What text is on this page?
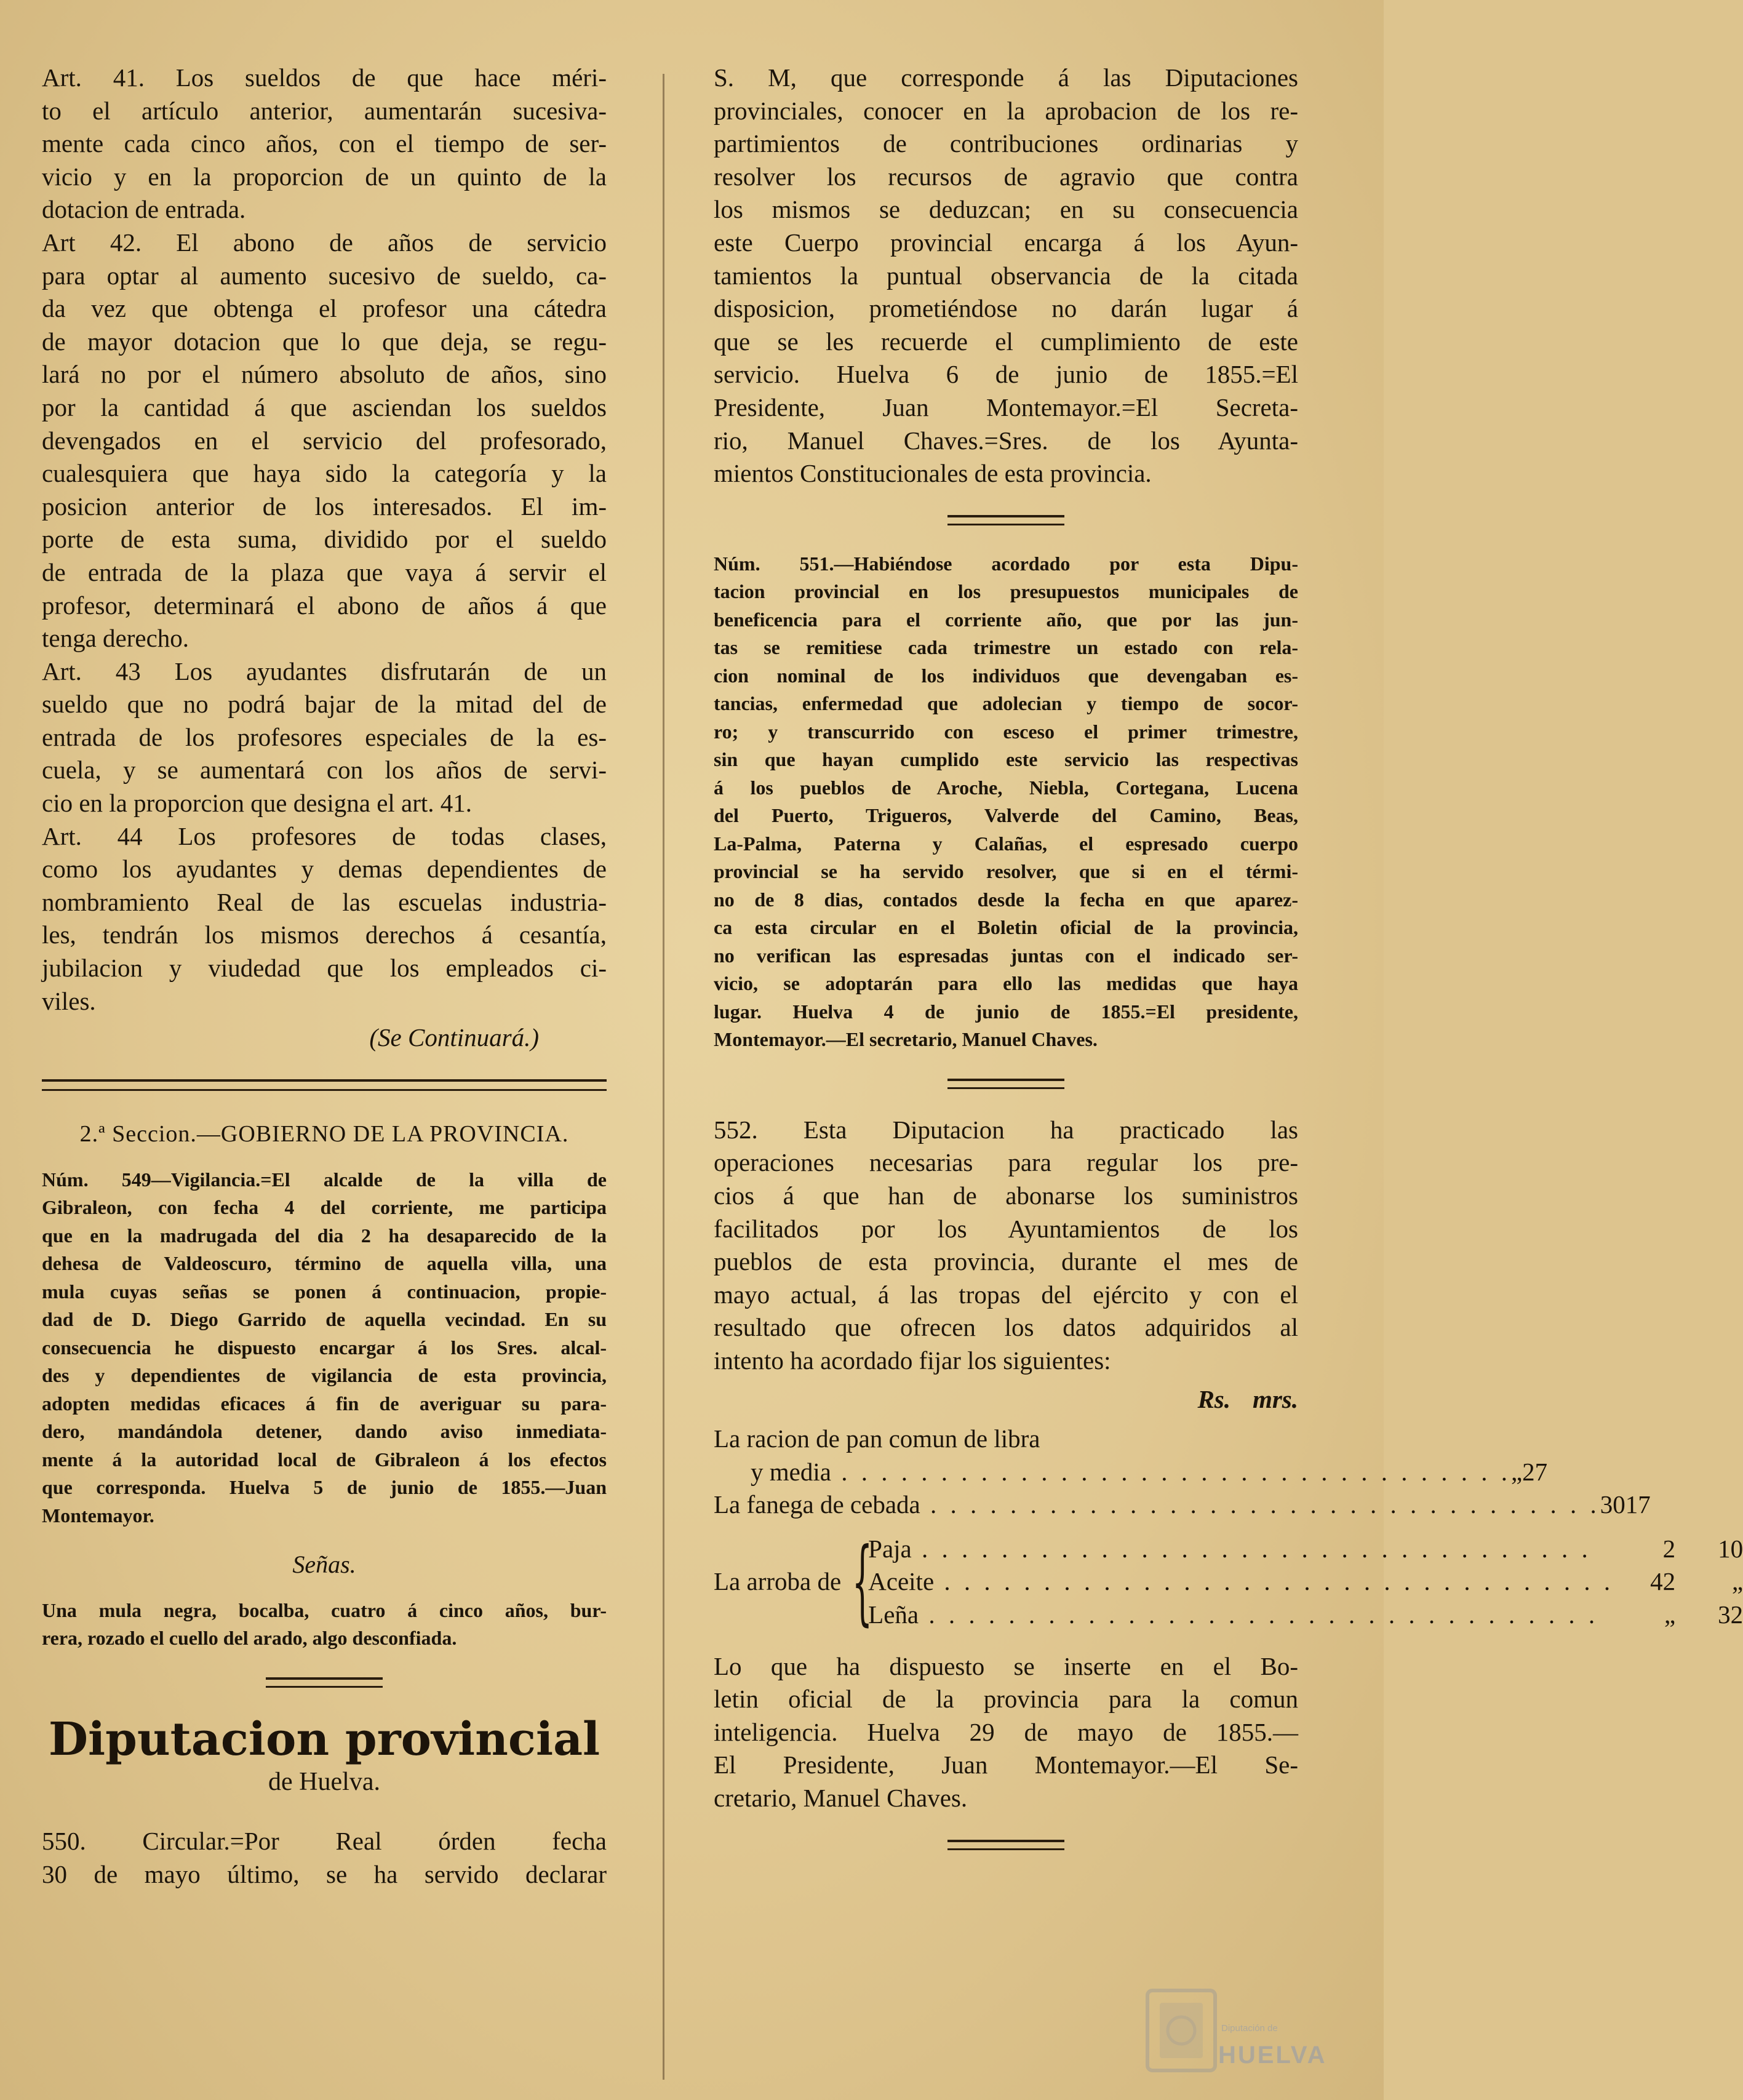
Art. 41. Los sueldos de que hace méri-
to el artículo anterior, aumentarán sucesiva-
mente cada cinco años, con el tiempo de ser-
vicio y en la proporcion de un quinto de la
dotacion de entrada.
Art 42. El abono de años de servicio
para optar al aumento sucesivo de sueldo, ca-
da vez que obtenga el profesor una cátedra
de mayor dotacion que lo que deja, se regu-
lará no por el número absoluto de años, sino
por la cantidad á que asciendan los sueldos
devengados en el servicio del profesorado,
cualesquiera que haya sido la categoría y la
posicion anterior de los interesados. El im-
porte de esta suma, dividido por el sueldo
de entrada de la plaza que vaya á servir el
profesor, determinará el abono de años á que
tenga derecho.
Art. 43 Los ayudantes disfrutarán de un
sueldo que no podrá bajar de la mitad del de
entrada de los profesores especiales de la es-
cuela, y se aumentará con los años de servi-
cio en la proporcion que designa el art. 41.
Art. 44 Los profesores de todas clases,
como los ayudantes y demas dependientes de
nombramiento Real de las escuelas industria-
les, tendrán los mismos derechos á cesantía,
jubilacion y viudedad que los empleados ci-
viles.
(Se Continuará.)
2.ª Seccion.—GOBIERNO DE LA PROVINCIA.
Núm. 549—Vigilancia.=El alcalde de la villa de
Gibraleon, con fecha 4 del corriente, me participa
que en la madrugada del dia 2 ha desaparecido de la
dehesa de Valdeoscuro, término de aquella villa, una
mula cuyas señas se ponen á continuacion, propie-
dad de D. Diego Garrido de aquella vecindad. En su
consecuencia he dispuesto encargar á los Sres. alcal-
des y dependientes de vigilancia de esta provincia,
adopten medidas eficaces á fin de averiguar su para-
dero, mandándola detener, dando aviso inmediata-
mente á la autoridad local de Gibraleon á los efectos
que corresponda. Huelva 5 de junio de 1855.—Juan
Montemayor.
Señas.
Una mula negra, bocalba, cuatro á cinco años, bur-
rera, rozado el cuello del arado, algo desconfiada.
Diputacion provincial
de Huelva.
550. Circular.=Por Real órden fecha
30 de mayo último, se ha servido declarar
S. M, que corresponde á las Diputaciones
provinciales, conocer en la aprobacion de los re-
partimientos de contribuciones ordinarias y
resolver los recursos de agravio que contra
los mismos se deduzcan; en su consecuencia
este Cuerpo provincial encarga á los Ayun-
tamientos la puntual observancia de la citada
disposicion, prometiéndose no darán lugar á
que se les recuerde el cumplimiento de este
servicio. Huelva 6 de junio de 1855.=El
Presidente, Juan Montemayor.=El Secreta-
rio, Manuel Chaves.=Sres. de los Ayunta-
mientos Constitucionales de esta provincia.
Núm. 551.—Habiéndose acordado por esta Dipu-
tacion provincial en los presupuestos municipales de
beneficencia para el corriente año, que por las jun-
tas se remitiese cada trimestre un estado con rela-
cion nominal de los individuos que devengaban es-
tancias, enfermedad que adolecian y tiempo de socor-
ro; y transcurrido con esceso el primer trimestre,
sin que hayan cumplido este servicio las respectivas
á los pueblos de Aroche, Niebla, Cortegana, Lucena
del Puerto, Trigueros, Valverde del Camino, Beas,
La-Palma, Paterna y Calañas, el espresado cuerpo
provincial se ha servido resolver, que si en el térmi-
no de 8 dias, contados desde la fecha en que aparez-
ca esta circular en el Boletin oficial de la provincia,
no verifican las espresadas juntas con el indicado ser-
vicio, se adoptarán para ello las medidas que haya
lugar. Huelva 4 de junio de 1855.=El presidente,
Montemayor.—El secretario, Manuel Chaves.
552. Esta Diputacion ha practicado las
operaciones necesarias para regular los pre-
cios á que han de abonarse los suministros
facilitados por los Ayuntamientos de los
pueblos de esta provincia, durante el mes de
mayo actual, á las tropas del ejército y con el
resultado que ofrecen los datos adquiridos al
intento ha acordado fijar los siguientes:
Rs. mrs.
La racion de pan comun de libra
y media . . .	„ 27
La fanega de cebada . . .	30 17
La arroba de {
Paja . . .	2	10
Aceite . . .	42	„
Leña . . .	„	32
Lo que ha dispuesto se inserte en el Bo-
letin oficial de la provincia para la comun
inteligencia. Huelva 29 de mayo de 1855.—
El Presidente, Juan Montemayor.—El Se-
cretario, Manuel Chaves.
Diputación de
HUELVA
